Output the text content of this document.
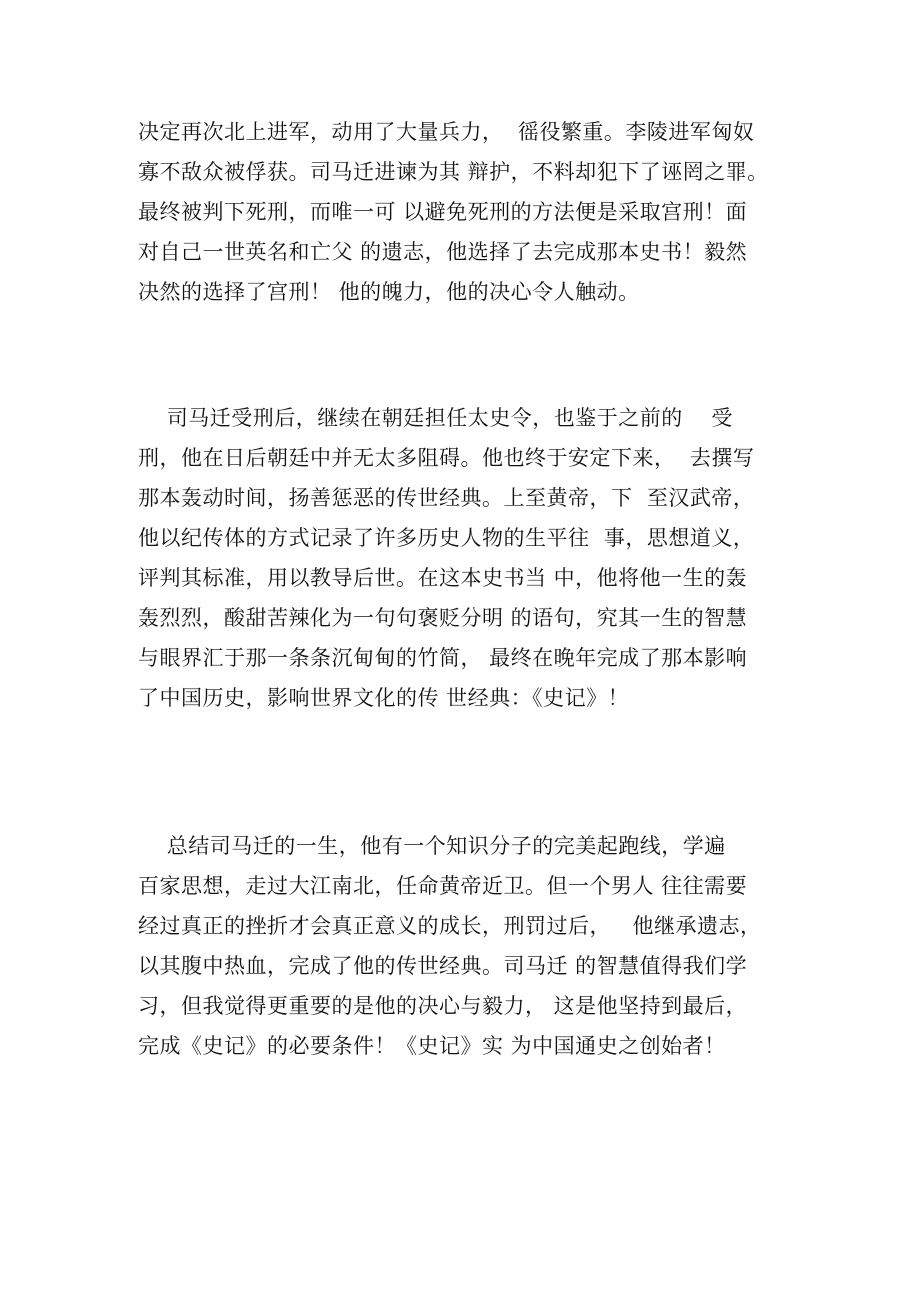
决定再次北上进军，动用了大量兵力，  徭役繁重。李陵进军匈奴
寡不敌众被俘获。司马迁进谏为其 辩护，不料却犯下了诬罔之罪。
最终被判下死刑，而唯一可 以避免死刑的方法便是采取宫刑！面
对自己一世英名和亡父 的遗志，他选择了去完成那本史书！毅然
决然的选择了宫刑！ 他的魄力，他的决心令人触动。
司马迁受刑后，继续在朝廷担任太史令，也鉴于之前的    受
刑，他在日后朝廷中并无太多阻碍。他也终于安定下来，  去撰写
那本轰动时间，扬善惩恶的传世经典。上至黄帝，下  至汉武帝，
他以纪传体的方式记录了许多历史人物的生平往  事，思想道义，
评判其标准，用以教导后世。在这本史书当 中，他将他一生的轰
轰烈烈，酸甜苦辣化为一句句褒贬分明 的语句，究其一生的智慧
与眼界汇于那一条条沉甸甸的竹简， 最终在晚年完成了那本影响
了中国历史，影响世界文化的传 世经典：《史记》！
总结司马迁的一生，他有一个知识分子的完美起跑线，学遍
百家思想，走过大江南北，任命黄帝近卫。但一个男人 往往需要
经过真正的挫折才会真正意义的成长，刑罚过后，   他继承遗志，
以其腹中热血，完成了他的传世经典。司马迁 的智慧值得我们学
习，但我觉得更重要的是他的决心与毅力， 这是他坚持到最后，
完成《史记》的必要条件！《史记》实 为中国通史之创始者！
